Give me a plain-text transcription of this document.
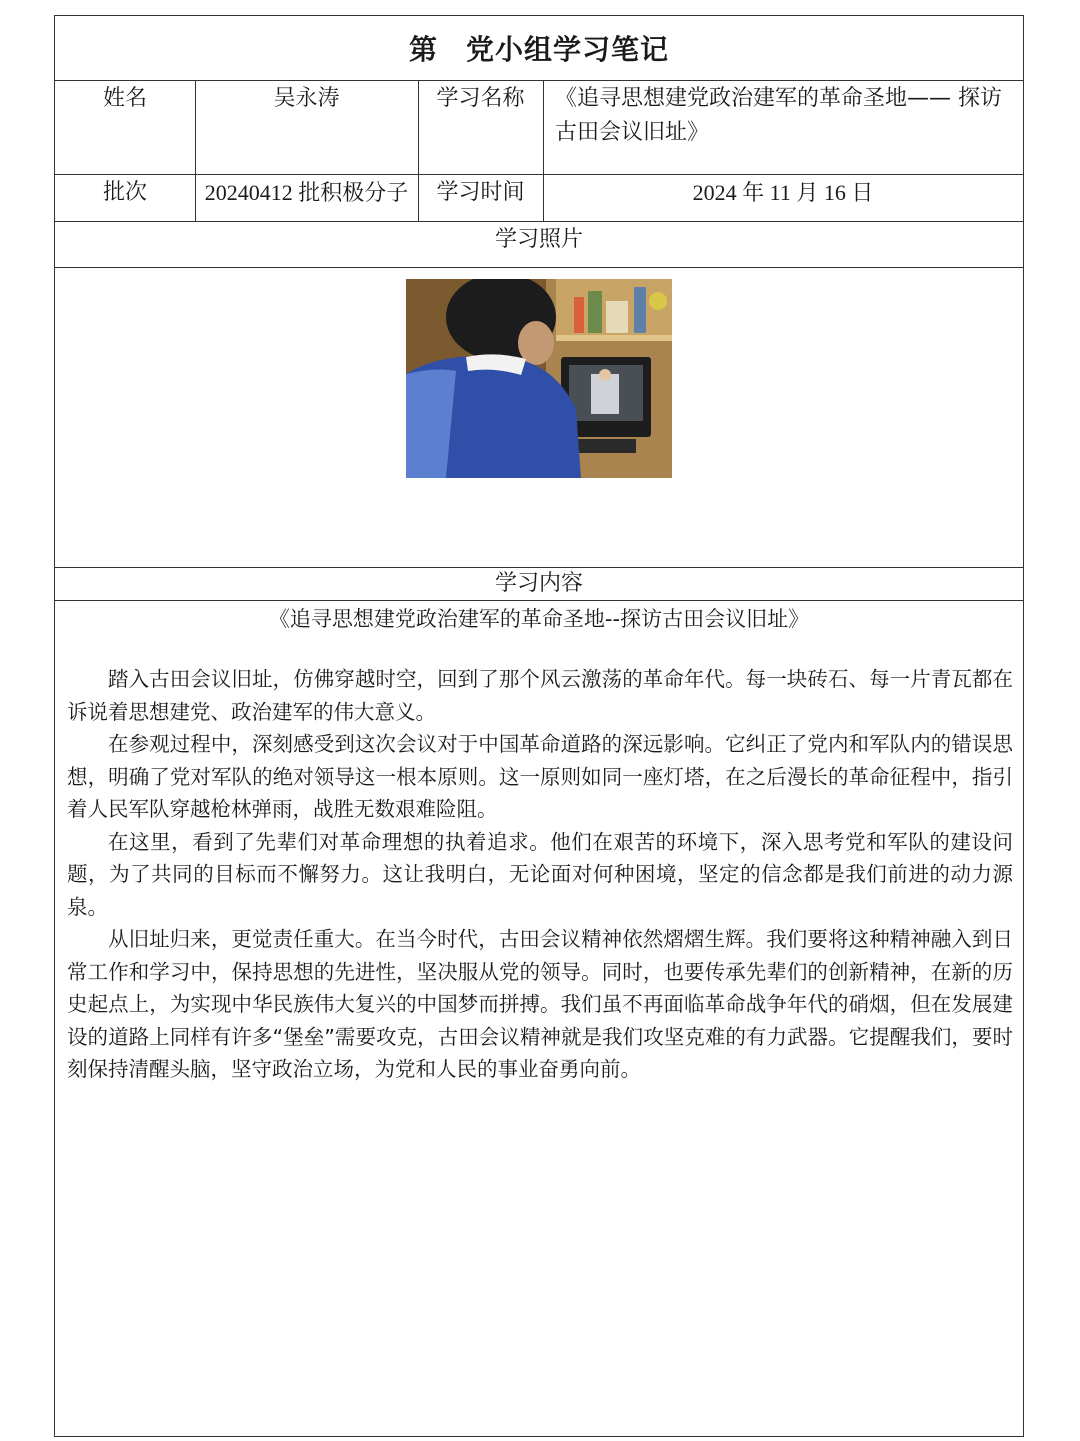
第 党小组学习笔记
姓名	吴永涛	学习名称	《追寻思想建党政治建军的革命圣地—— 探访古田会议旧址》
批次	20240412 批积极分子	学习时间	2024 年 11 月 16 日
学习照片
学习内容
《追寻思想建党政治建军的革命圣地--探访古田会议旧址》

踏入古田会议旧址，仿佛穿越时空，回到了那个风云激荡的革命年代。每一块砖石、每一片青瓦都在诉说着思想建党、政治建军的伟大意义。

在参观过程中，深刻感受到这次会议对于中国革命道路的深远影响。它纠正了党内和军队内的错误思想，明确了党对军队的绝对领导这一根本原则。这一原则如同一座灯塔，在之后漫长的革命征程中，指引着人民军队穿越枪林弹雨，战胜无数艰难险阻。

在这里，看到了先辈们对革命理想的执着追求。他们在艰苦的环境下，深入思考党和军队的建设问题，为了共同的目标而不懈努力。这让我明白，无论面对何种困境，坚定的信念都是我们前进的动力源泉。

从旧址归来，更觉责任重大。在当今时代，古田会议精神依然熠熠生辉。我们要将这种精神融入到日常工作和学习中，保持思想的先进性，坚决服从党的领导。同时，也要传承先辈们的创新精神，在新的历史起点上，为实现中华民族伟大复兴的中国梦而拼搏。我们虽不再面临革命战争年代的硝烟，但在发展建设的道路上同样有许多“堡垒”需要攻克，古田会议精神就是我们攻坚克难的有力武器。它提醒我们，要时刻保持清醒头脑，坚守政治立场，为党和人民的事业奋勇向前。
